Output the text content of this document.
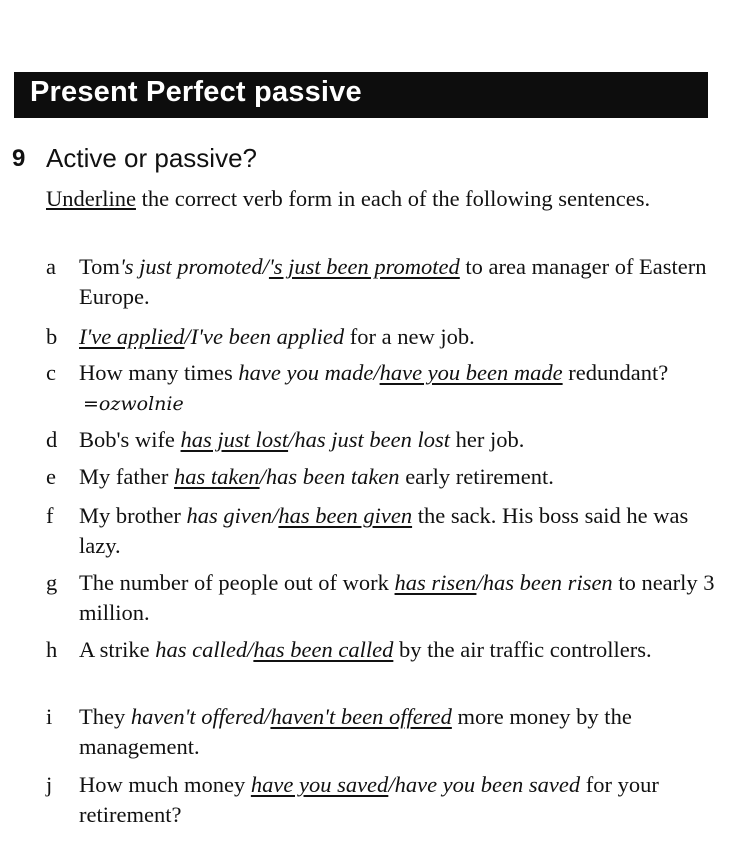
Present Perfect passive
9 Active or passive?
Underline the correct verb form in each of the following sentences.
a	Tom's just promoted/'s just been promoted to area manager of Eastern Europe.
b I've applied/I've been applied for a new job.
c	How many times have you made/have you been made redundant?=ozwolnie
d Bob's wife has just lost/has just been lost her job.
e	My father has taken/has been taken early retirement.
f	My brother has given/has been given the sack. His boss said he was lazy.
g The number of people out of work has risen/has been risen to nearly 3 million.
h A strike has called/has been called by the air traffic controllers.
i	They haven't offered/haven't been offered more money by the management.
j	How much money have you saved/have you been saved for your retirement?
